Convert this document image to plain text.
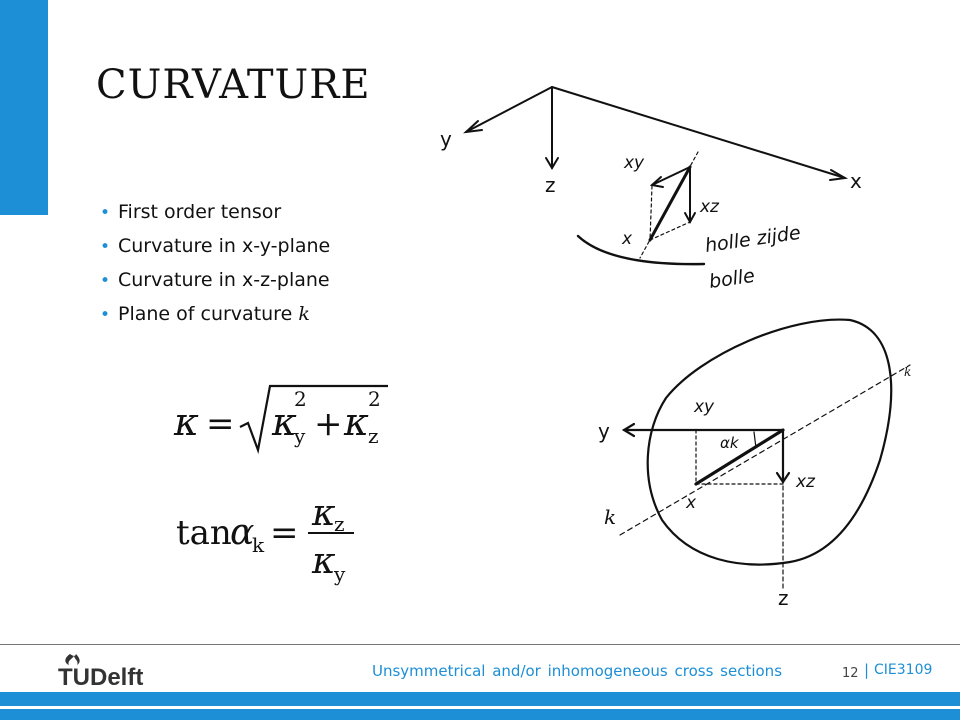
CURVATURE
• First order tensor
• Curvature in x-y-plane
• Curvature in x-z-plane
• Plane of curvature k
κ = κ
2
y + κ
2
z
tan
α
k = κ
z
κ
y
y
z	x
xy
xz
x	holle zijde
bolle
y
z
xy
xz
x
αk
k
k
TUDelft	Unsymmetrical and/or inhomogeneous cross sections	12 | CIE3109
